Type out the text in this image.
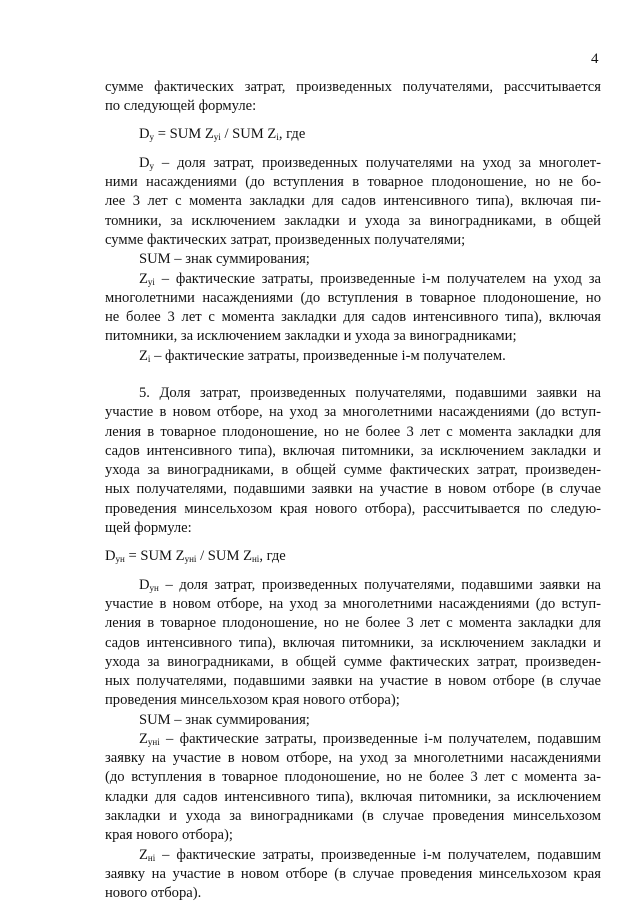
4

сумме фактических затрат, произведенных получателями, рассчитывается

по следующей формуле:

$D_у$ = SUM $Z_{уi}$ / SUM $Z_i$, где

$D_у$ – доля затрат, произведенных получателями на уход за многолет-

ними насаждениями (до вступления в товарное плодоношение, но не бо-

лее 3 лет с момента закладки для садов интенсивного типа), включая пи-

томники, за исключением закладки и ухода за виноградниками, в общей

сумме фактических затрат, произведенных получателями;

SUM – знак суммирования;

$Z_{уi}$ – фактические затраты, произведенные i-м получателем на уход за

многолетними насаждениями (до вступления в товарное плодоношение, но

не более 3 лет с момента закладки для садов интенсивного типа), включая

питомники, за исключением закладки и ухода за виноградниками;

$Z_i$ – фактические затраты, произведенные i-м получателем.

5. Доля затрат, произведенных получателями, подавшими заявки на

участие в новом отборе, на уход за многолетними насаждениями (до вступ-

ления в товарное плодоношение, но не более 3 лет с момента закладки для

садов интенсивного типа), включая питомники, за исключением закладки и

ухода за виноградниками, в общей сумме фактических затрат, произведен-

ных получателями, подавшими заявки на участие в новом отборе (в случае

проведения минсельхозом края нового отбора), рассчитывается по следую-

щей формуле:

$D_{ун}$ = SUM $Z_{унi}$ / SUM $Z_{нi}$, где

$D_{ун}$ – доля затрат, произведенных получателями, подавшими заявки на

участие в новом отборе, на уход за многолетними насаждениями (до вступ-

ления в товарное плодоношение, но не более 3 лет с момента закладки для

садов интенсивного типа), включая питомники, за исключением закладки и

ухода за виноградниками, в общей сумме фактических затрат, произведен-

ных получателями, подавшими заявки на участие в новом отборе (в случае

проведения минсельхозом края нового отбора);

SUM – знак суммирования;

$Z_{унi}$ – фактические затраты, произведенные i-м получателем, подавшим

заявку на участие в новом отборе, на уход за многолетними насаждениями

(до вступления в товарное плодоношение, но не более 3 лет с момента за-

кладки для садов интенсивного типа), включая питомники, за исключением

закладки и ухода за виноградниками (в случае проведения минсельхозом

края нового отбора);

$Z_{нi}$ – фактические затраты, произведенные i-м получателем, подавшим

заявку на участие в новом отборе (в случае проведения минсельхозом края

нового отбора).
